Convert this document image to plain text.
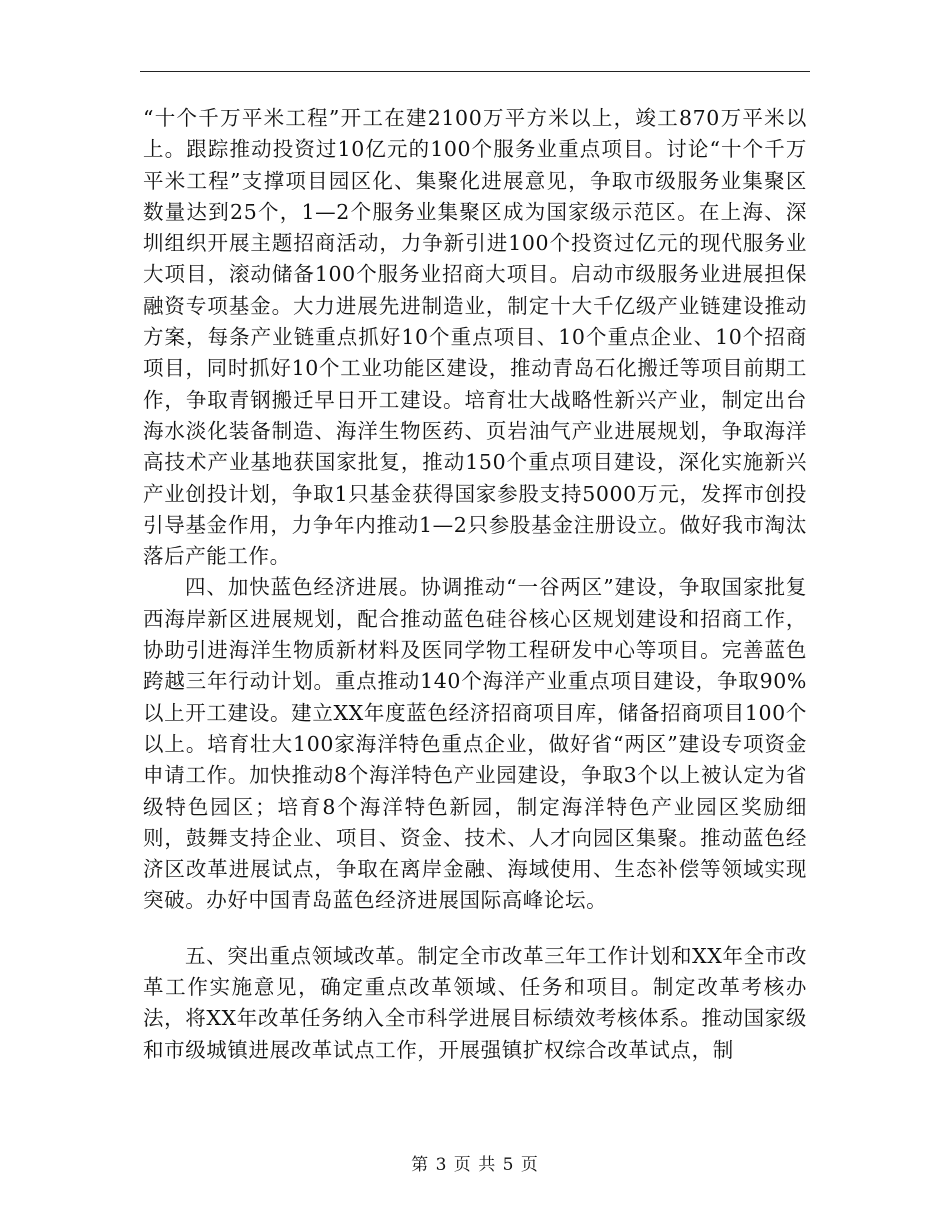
“十个千万平米工程”开工在建2100万平方米以上，竣工870万平米以上。跟踪推动投资过10亿元的100个服务业重点项目。讨论“十个千万平米工程”支撑项目园区化、集聚化进展意见，争取市级服务业集聚区数量达到25个，1—2个服务业集聚区成为国家级示范区。在上海、深圳组织开展主题招商活动，力争新引进100个投资过亿元的现代服务业大项目，滚动储备100个服务业招商大项目。启动市级服务业进展担保融资专项基金。大力进展先进制造业，制定十大千亿级产业链建设推动方案，每条产业链重点抓好10个重点项目、10个重点企业、10个招商项目，同时抓好10个工业功能区建设，推动青岛石化搬迁等项目前期工作，争取青钢搬迁早日开工建设。培育壮大战略性新兴产业，制定出台海水淡化装备制造、海洋生物医药、页岩油气产业进展规划，争取海洋高技术产业基地获国家批复，推动150个重点项目建设，深化实施新兴产业创投计划，争取1只基金获得国家参股支持5000万元，发挥市创投引导基金作用，力争年内推动1—2只参股基金注册设立。做好我市淘汰落后产能工作。

四、加快蓝色经济进展。协调推动“一谷两区”建设，争取国家批复西海岸新区进展规划，配合推动蓝色硅谷核心区规划建设和招商工作，协助引进海洋生物质新材料及医同学物工程研发中心等项目。完善蓝色跨越三年行动计划。重点推动140个海洋产业重点项目建设，争取90%以上开工建设。建立XX年度蓝色经济招商项目库，储备招商项目100个以上。培育壮大100家海洋特色重点企业，做好省“两区”建设专项资金申请工作。加快推动8个海洋特色产业园建设，争取3个以上被认定为省级特色园区；培育8个海洋特色新园，制定海洋特色产业园区奖励细则，鼓舞支持企业、项目、资金、技术、人才向园区集聚。推动蓝色经济区改革进展试点，争取在离岸金融、海域使用、生态补偿等领域实现突破。办好中国青岛蓝色经济进展国际高峰论坛。

五、突出重点领域改革。制定全市改革三年工作计划和XX年全市改革工作实施意见，确定重点改革领域、任务和项目。制定改革考核办法，将XX年改革任务纳入全市科学进展目标绩效考核体系。推动国家级和市级城镇进展改革试点工作，开展强镇扩权综合改革试点，制

第 3 页 共 5 页
